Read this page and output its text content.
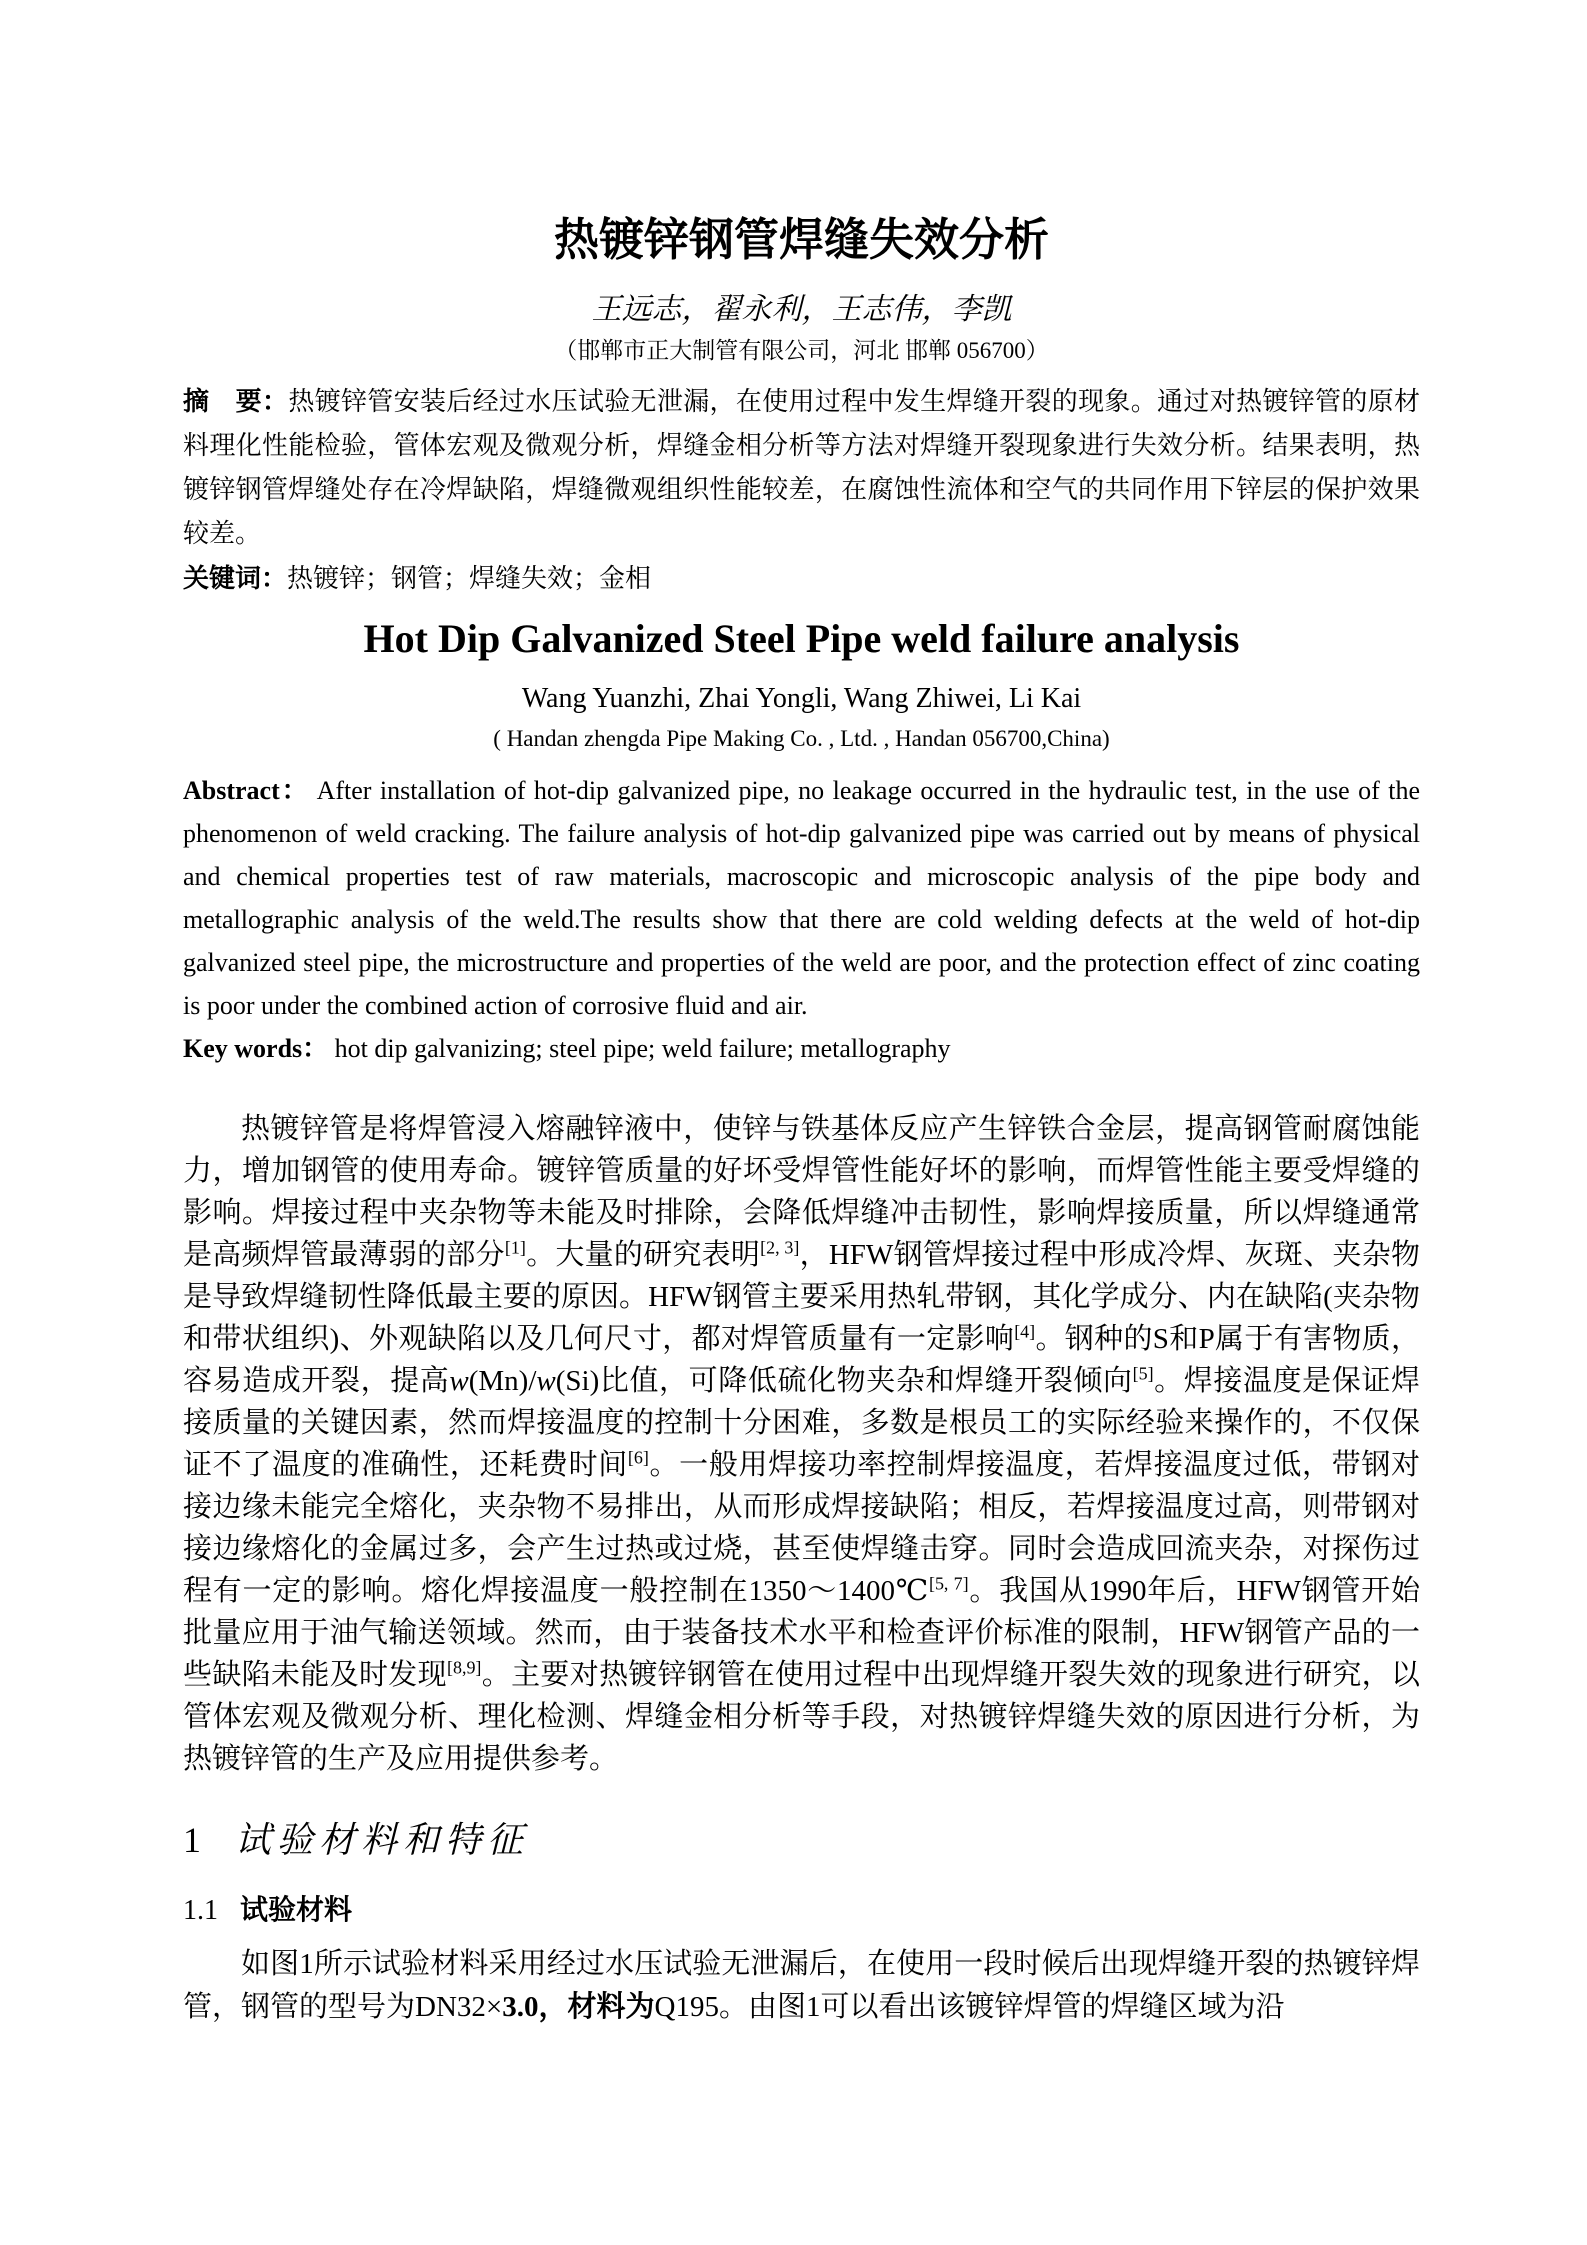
热镀锌钢管焊缝失效分析
王远志，翟永利，王志伟，李凯
（邯郸市正大制管有限公司，河北 邯郸 056700）

摘　要：热镀锌管安装后经过水压试验无泄漏，在使用过程中发生焊缝开裂的现象。通过对热镀锌管的原材料理化性能检验，管体宏观及微观分析，焊缝金相分析等方法对焊缝开裂现象进行失效分析。结果表明，热镀锌钢管焊缝处存在冷焊缺陷，焊缝微观组织性能较差，在腐蚀性流体和空气的共同作用下锌层的保护效果较差。

关键词：热镀锌；钢管；焊缝失效；金相

Hot Dip Galvanized Steel Pipe weld failure analysis
Wang Yuanzhi, Zhai Yongli, Wang Zhiwei, Li Kai
( Handan zhengda Pipe Making Co. , Ltd. , Handan 056700,China)

Abstract： After installation of hot-dip galvanized pipe, no leakage occurred in the hydraulic test, in the use of the phenomenon of weld cracking. The failure analysis of hot-dip galvanized pipe was carried out by means of physical and chemical properties test of raw materials, macroscopic and microscopic analysis of the pipe body and metallographic analysis of the weld.The results show that there are cold welding defects at the weld of hot-dip galvanized steel pipe, the microstructure and properties of the weld are poor, and the protection effect of zinc coating is poor under the combined action of corrosive fluid and air.

Key words： hot dip galvanizing; steel pipe; weld failure; metallography

热镀锌管是将焊管浸入熔融锌液中，使锌与铁基体反应产生锌铁合金层，提高钢管耐腐蚀能力，增加钢管的使用寿命。镀锌管质量的好坏受焊管性能好坏的影响，而焊管性能主要受焊缝的影响。焊接过程中夹杂物等未能及时排除，会降低焊缝冲击韧性，影响焊接质量，所以焊缝通常是高频焊管最薄弱的部分[1]。大量的研究表明[2, 3]，HFW钢管焊接过程中形成冷焊、灰斑、夹杂物是导致焊缝韧性降低最主要的原因。HFW钢管主要采用热轧带钢，其化学成分、内在缺陷(夹杂物和带状组织)、外观缺陷以及几何尺寸，都对焊管质量有一定影响[4]。钢种的S和P属于有害物质，容易造成开裂，提高w(Mn)/w(Si)比值，可降低硫化物夹杂和焊缝开裂倾向[5]。焊接温度是保证焊接质量的关键因素，然而焊接温度的控制十分困难，多数是根员工的实际经验来操作的，不仅保证不了温度的准确性，还耗费时间[6]。一般用焊接功率控制焊接温度，若焊接温度过低，带钢对接边缘未能完全熔化，夹杂物不易排出，从而形成焊接缺陷；相反，若焊接温度过高，则带钢对接边缘熔化的金属过多，会产生过热或过烧，甚至使焊缝击穿。同时会造成回流夹杂，对探伤过程有一定的影响。熔化焊接温度一般控制在1350～1400℃[5, 7]。我国从1990年后，HFW钢管开始批量应用于油气输送领域。然而，由于装备技术水平和检查评价标准的限制，HFW钢管产品的一些缺陷未能及时发现[8,9]。主要对热镀锌钢管在使用过程中出现焊缝开裂失效的现象进行研究，以管体宏观及微观分析、理化检测、焊缝金相分析等手段，对热镀锌焊缝失效的原因进行分析，为热镀锌管的生产及应用提供参考。

1 试验材料和特征
1.1 试验材料

如图1所示试验材料采用经过水压试验无泄漏后，在使用一段时候后出现焊缝开裂的热镀锌焊管，钢管的型号为DN32×3.0，材料为Q195。由图1可以看出该镀锌焊管的焊缝区域为沿
